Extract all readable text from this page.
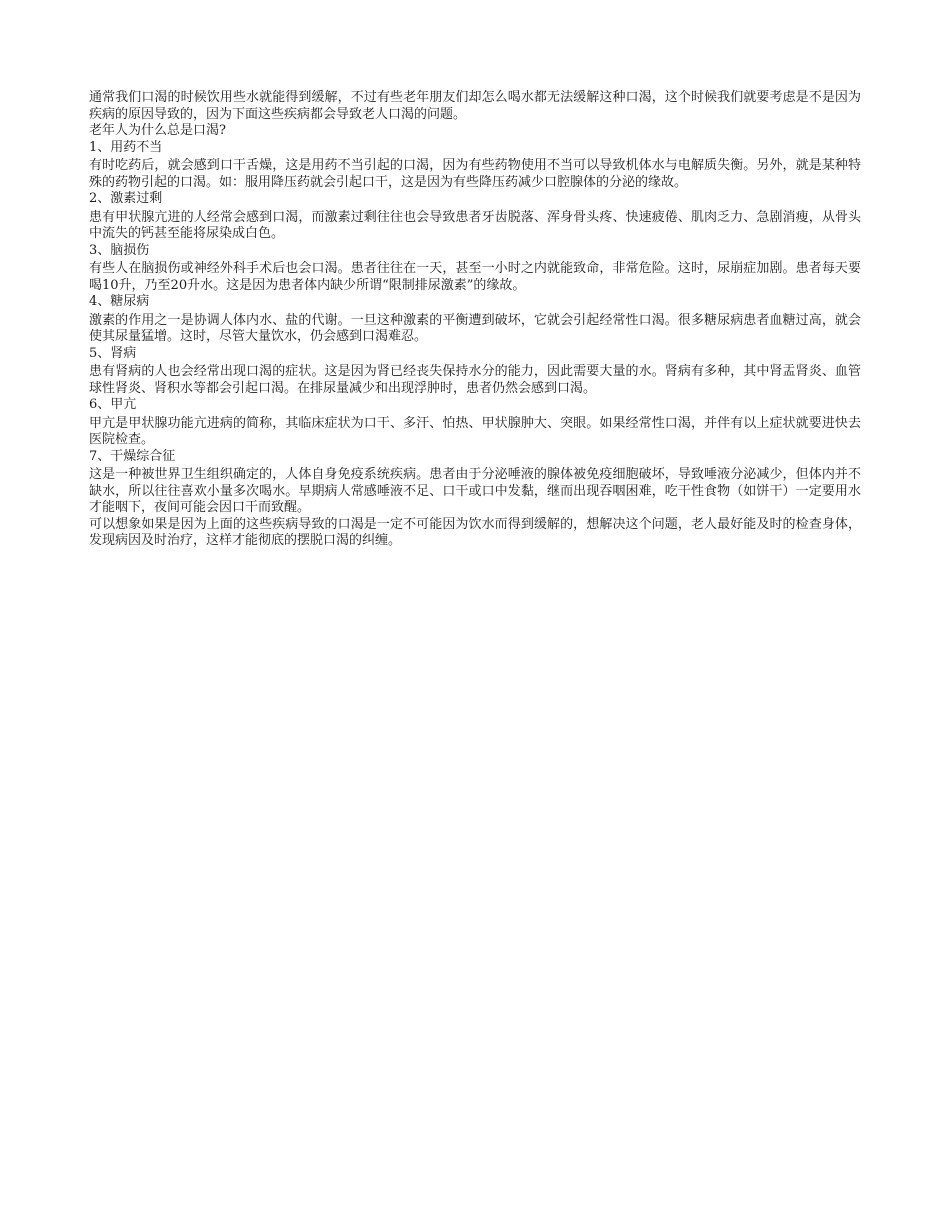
通常我们口渴的时候饮用些水就能得到缓解，不过有些老年朋友们却怎么喝水都无法缓解这种口渴，这个时候我们就要考虑是不是因为疾病的原因导致的，因为下面这些疾病都会导致老人口渴的问题。

老年人为什么总是口渴?

1、用药不当

有时吃药后，就会感到口干舌燥，这是用药不当引起的口渴，因为有些药物使用不当可以导致机体水与电解质失衡。另外，就是某种特殊的药物引起的口渴。如：服用降压药就会引起口干，这是因为有些降压药减少口腔腺体的分泌的缘故。

2、激素过剩

患有甲状腺亢进的人经常会感到口渴，而激素过剩往往也会导致患者牙齿脱落、浑身骨头疼、快速疲倦、肌肉乏力、急剧消瘦，从骨头中流失的钙甚至能将尿染成白色。

3、脑损伤

有些人在脑损伤或神经外科手术后也会口渴。患者往往在一天，甚至一小时之内就能致命，非常危险。这时，尿崩症加剧。患者每天要喝10升，乃至20升水。这是因为患者体内缺少所谓“限制排尿激素”的缘故。

4、糖尿病

激素的作用之一是协调人体内水、盐的代谢。一旦这种激素的平衡遭到破坏，它就会引起经常性口渴。很多糖尿病患者血糖过高，就会使其尿量猛增。这时，尽管大量饮水，仍会感到口渴难忍。

5、肾病

患有肾病的人也会经常出现口渴的症状。这是因为肾已经丧失保持水分的能力，因此需要大量的水。肾病有多种，其中肾盂肾炎、血管球性肾炎、肾积水等都会引起口渴。在排尿量减少和出现浮肿时，患者仍然会感到口渴。

6、甲亢

甲亢是甲状腺功能亢进病的简称，其临床症状为口干、多汗、怕热、甲状腺肿大、突眼。如果经常性口渴，并伴有以上症状就要进快去医院检查。

7、干燥综合征

这是一种被世界卫生组织确定的，人体自身免疫系统疾病。患者由于分泌唾液的腺体被免疫细胞破坏，导致唾液分泌减少，但体内并不缺水，所以往往喜欢小量多次喝水。早期病人常感唾液不足、口干或口中发黏，继而出现吞咽困难，吃干性食物（如饼干）一定要用水才能咽下，夜间可能会因口干而致醒。

可以想象如果是因为上面的这些疾病导致的口渴是一定不可能因为饮水而得到缓解的，想解决这个问题，老人最好能及时的检查身体，发现病因及时治疗，这样才能彻底的摆脱口渴的纠缠。
